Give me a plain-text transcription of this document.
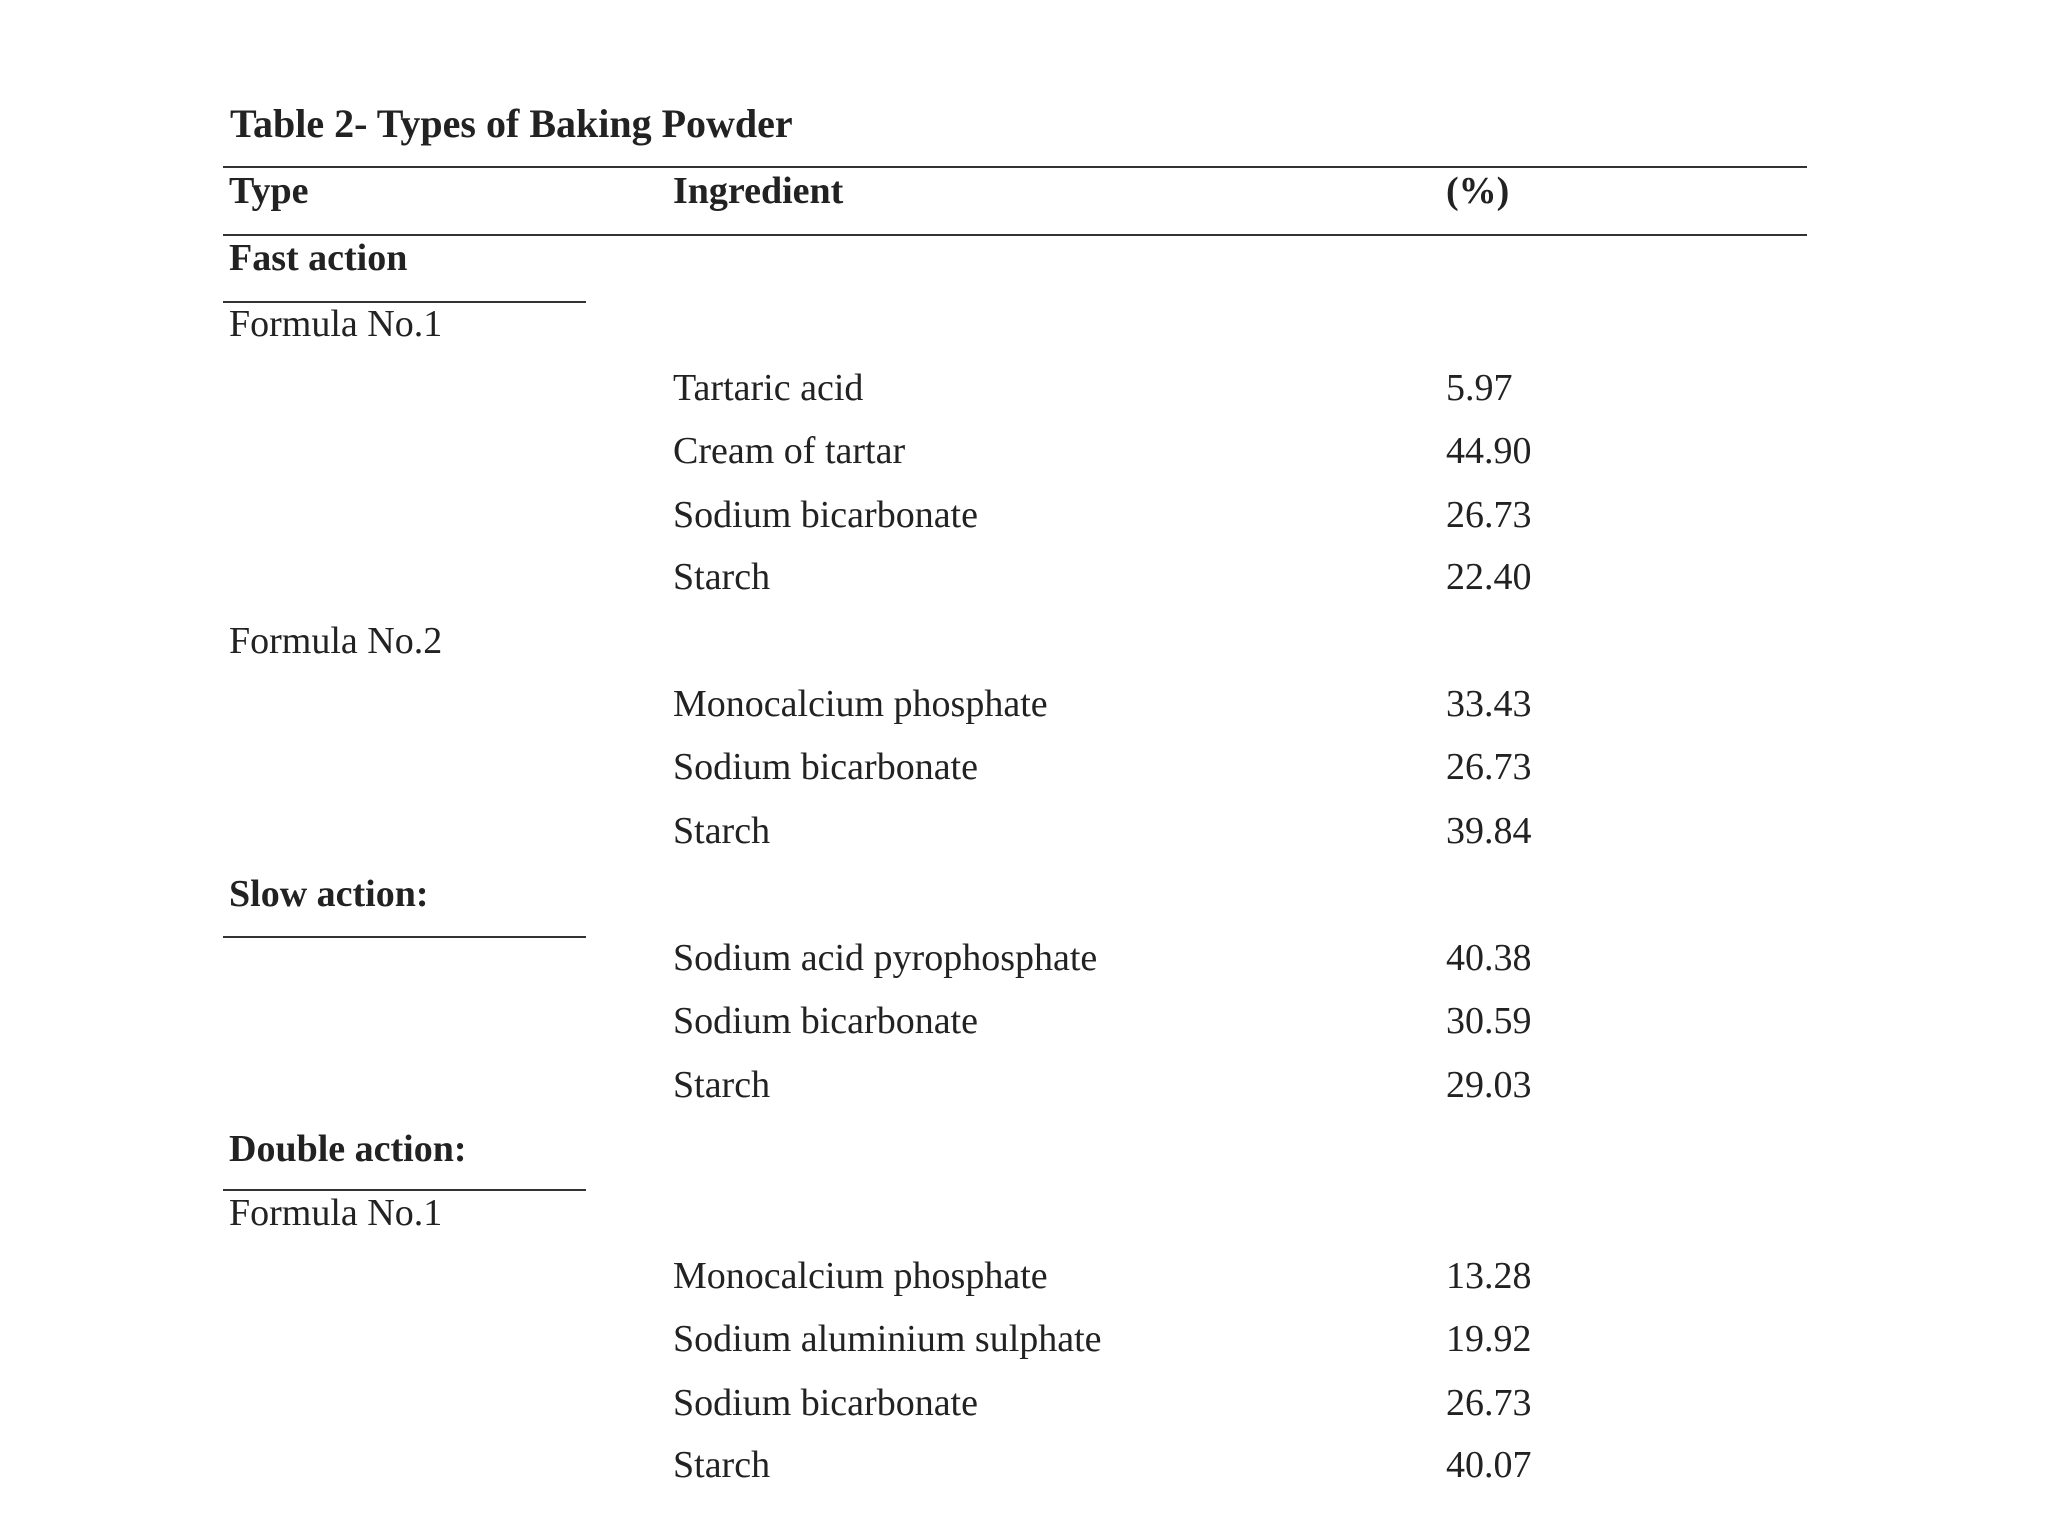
Table 2- Types of Baking Powder
Type	Ingredient	(%)
Fast action
Formula No.1
Tartaric acid	5.97
Cream of tartar	44.90
Sodium bicarbonate	26.73
Starch	22.40
Formula No.2
Monocalcium phosphate	33.43
Sodium bicarbonate	26.73
Starch	39.84
Slow action:
Sodium acid pyrophosphate	40.38
Sodium bicarbonate	30.59
Starch	29.03
Double action:
Formula No.1
Monocalcium phosphate	13.28
Sodium aluminium sulphate	19.92
Sodium bicarbonate	26.73
Starch	40.07
